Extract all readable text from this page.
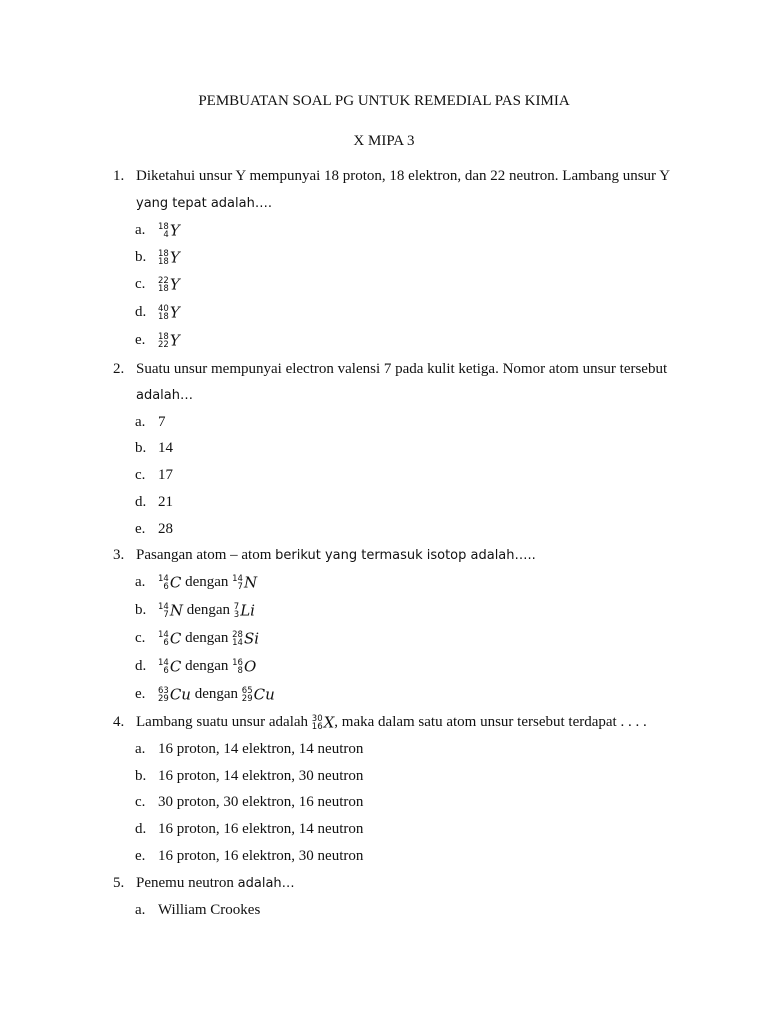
PEMBUATAN SOAL PG UNTUK REMEDIAL PAS KIMIA
X MIPA 3
1. Diketahui unsur Y mempunyai 18 proton, 18 elektron, dan 22 neutron. Lambang unsur Y
yang tepat adalah….
a. 18
4 Y
b. 18
18 Y
c. 22
18 Y
d. 40
18 Y
e. 18
22 Y
2. Suatu unsur mempunyai electron valensi 7 pada kulit ketiga. Nomor atom unsur tersebut
adalah…
a. 7
b. 14
c. 17
d. 21
e. 28
3. Pasangan atom – atom berikut yang termasuk isotop adalah…..
a. 14
6 C dengan 14
7 N
b. 14
7 N dengan 7
3 Li
c. 14
6 C dengan 28
14 Si
d. 14
6 C dengan 16
8 O
e. 63
29 Cu dengan 65
29 Cu
4. Lambang suatu unsur adalah 30
16 X, maka dalam satu atom unsur tersebut terdapat . . . .
a. 16 proton, 14 elektron, 14 neutron
b. 16 proton, 14 elektron, 30 neutron
c. 30 proton, 30 elektron, 16 neutron
d. 16 proton, 16 elektron, 14 neutron
e. 16 proton, 16 elektron, 30 neutron
5. Penemu neutron adalah…
a. William Crookes
